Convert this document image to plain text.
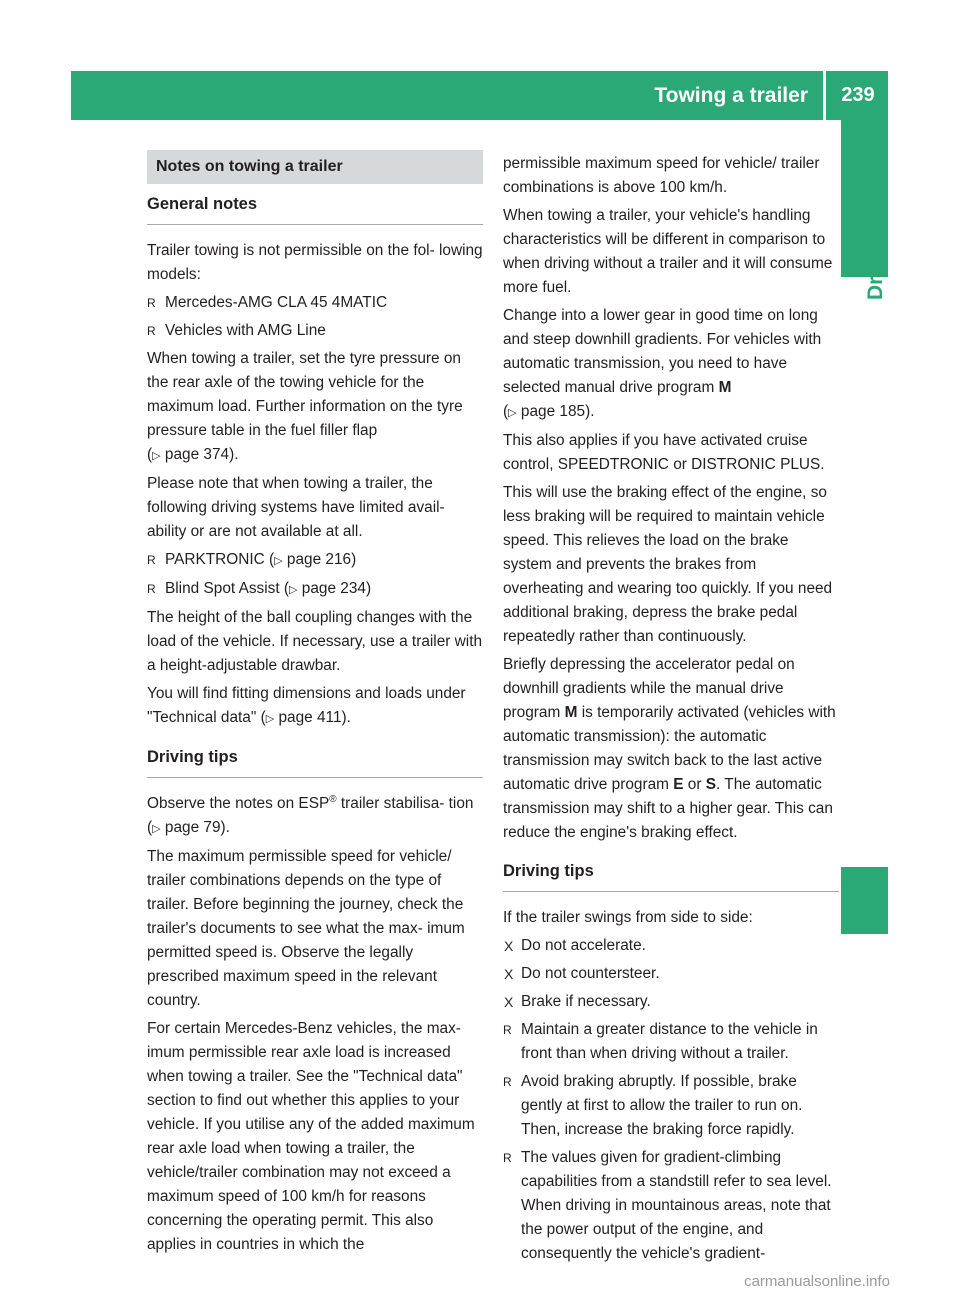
Towing a trailer	239
Driving and parking
Notes on towing a trailer
General notes

Trailer towing is not permissible on the fol- lowing models:

R Mercedes-AMG CLA 45 4MATIC
R Vehicles with AMG Line

When towing a trailer, set the tyre pressure on the rear axle of the towing vehicle for the maximum load. Further information on the tyre pressure table in the fuel filler flap
(▷ page 374).

Please note that when towing a trailer, the following driving systems have limited avail- ability or are not available at all.

R PARKTRONIC (▷ page 216)
R Blind Spot Assist (▷ page 234)

The height of the ball coupling changes with the load of the vehicle. If necessary, use a trailer with a height-adjustable drawbar.

You will find fitting dimensions and loads under "Technical data" (▷ page 411).

Driving tips

Observe the notes on ESP® trailer stabilisa- tion (▷ page 79).

The maximum permissible speed for vehicle/ trailer combinations depends on the type of trailer. Before beginning the journey, check the trailer's documents to see what the max- imum permitted speed is. Observe the legally prescribed maximum speed in the relevant country.

For certain Mercedes-Benz vehicles, the max- imum permissible rear axle load is increased when towing a trailer. See the "Technical data" section to find out whether this applies to your vehicle. If you utilise any of the added maximum rear axle load when towing a trailer, the vehicle/trailer combination may not exceed a maximum speed of 100 km/h for reasons concerning the operating permit. This also applies in countries in which the

permissible maximum speed for vehicle/ trailer combinations is above 100 km/h.

When towing a trailer, your vehicle's handling characteristics will be different in comparison to when driving without a trailer and it will consume more fuel.

Change into a lower gear in good time on long and steep downhill gradients. For vehicles with automatic transmission, you need to have selected manual drive program M
(▷ page 185).

This also applies if you have activated cruise control, SPEEDTRONIC or DISTRONIC PLUS.

This will use the braking effect of the engine, so less braking will be required to maintain vehicle speed. This relieves the load on the brake system and prevents the brakes from overheating and wearing too quickly. If you need additional braking, depress the brake pedal repeatedly rather than continuously.

Briefly depressing the accelerator pedal on downhill gradients while the manual drive program M is temporarily activated (vehicles with automatic transmission): the automatic transmission may switch back to the last active automatic drive program E or S. The automatic transmission may shift to a higher gear. This can reduce the engine's braking effect.

Driving tips

If the trailer swings from side to side:

X Do not accelerate.
X Do not countersteer.
X Brake if necessary.
R Maintain a greater distance to the vehicle in front than when driving without a trailer.
R Avoid braking abruptly. If possible, brake gently at first to allow the trailer to run on. Then, increase the braking force rapidly.
R The values given for gradient-climbing capabilities from a standstill refer to sea level. When driving in mountainous areas, note that the power output of the engine, and consequently the vehicle's gradient-
carmanualsonline.info
